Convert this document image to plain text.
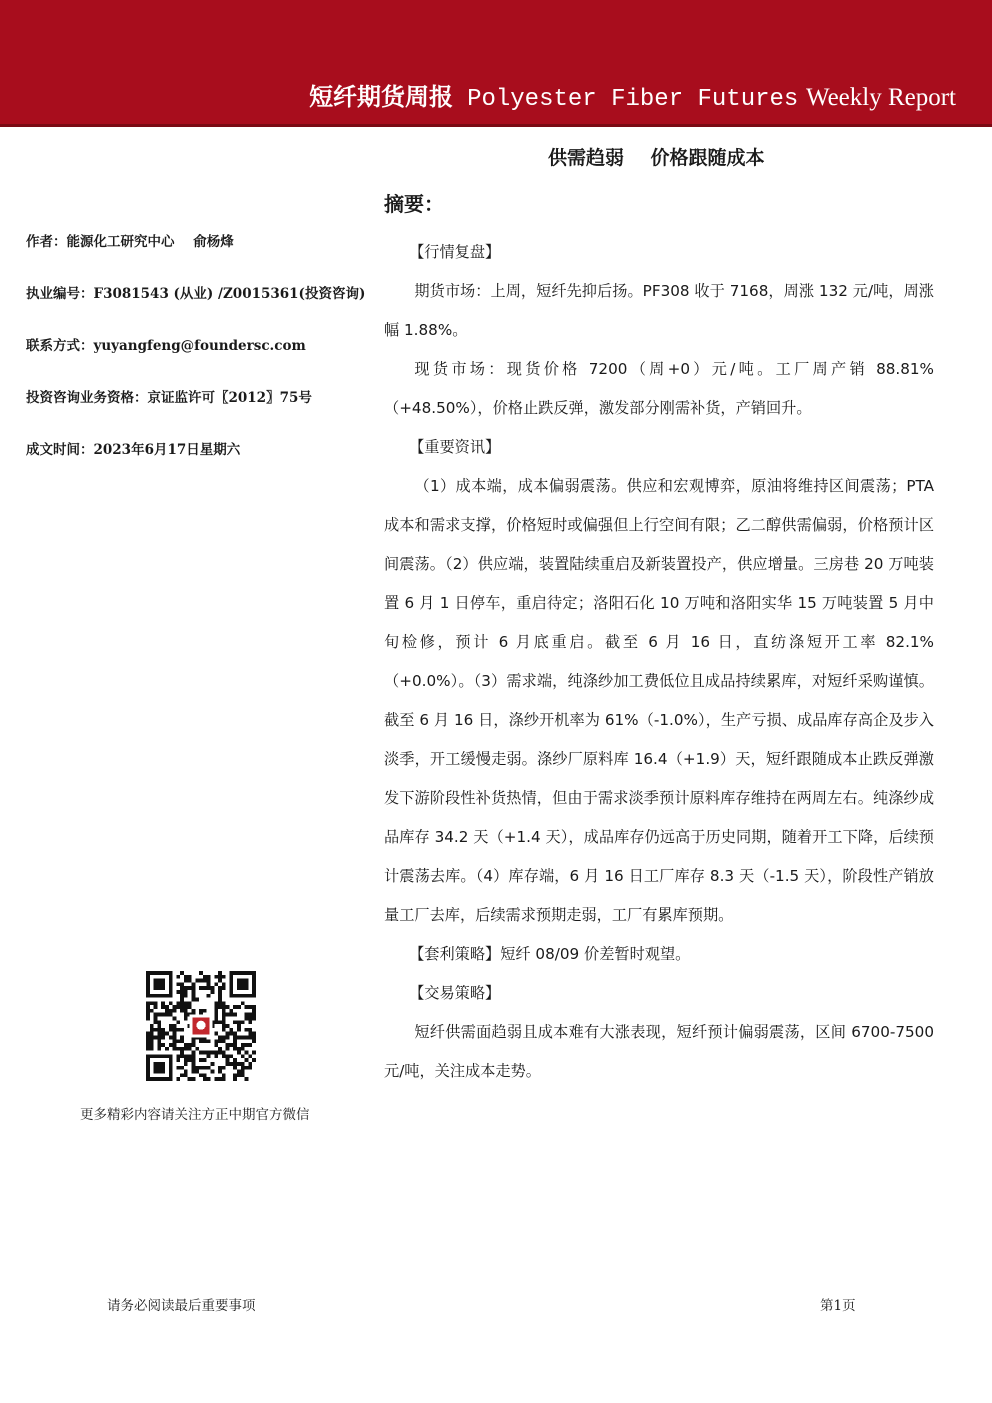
短纤期货周报 Polyester Fiber Futures Weekly Report
供需趋弱    价格跟随成本
摘要：
作者：能源化工研究中心    俞杨烽
执业编号：F3081543 (从业) /Z0015361(投资咨询)
联系方式：yuyangfeng@foundersc.com
投资咨询业务资格：京证监许可〖2012〗75号
成文时间：2023年6月17日星期六

【行情复盘】

期货市场：上周，短纤先抑后扬。PF308 收于 7168，周涨 132 元/吨，周涨幅 1.88%。

现货市场：现货价格 7200（周+0）元/吨。工厂周产销 88.81%（+48.50%），价格止跌反弹，激发部分刚需补货，产销回升。

【重要资讯】

（1）成本端，成本偏弱震荡。供应和宏观博弈，原油将维持区间震荡；PTA 成本和需求支撑，价格短时或偏强但上行空间有限；乙二醇供需偏弱，价格预计区间震荡。（2）供应端，装置陆续重启及新装置投产，供应增量。三房巷 20 万吨装置 6 月 1 日停车，重启待定；洛阳石化 10 万吨和洛阳实华 15 万吨装置 5 月中旬检修，预计 6 月底重启。截至 6 月 16 日，直纺涤短开工率 82.1%（+0.0%）。（3）需求端，纯涤纱加工费低位且成品持续累库，对短纤采购谨慎。截至 6 月 16 日，涤纱开机率为 61%（-1.0%），生产亏损、成品库存高企及步入淡季，开工缓慢走弱。涤纱厂原料库 16.4（+1.9）天，短纤跟随成本止跌反弹激发下游阶段性补货热情，但由于需求淡季预计原料库存维持在两周左右。纯涤纱成品库存 34.2 天（+1.4 天），成品库存仍远高于历史同期，随着开工下降，后续预计震荡去库。（4）库存端，6 月 16 日工厂库存 8.3 天（-1.5 天），阶段性产销放量工厂去库，后续需求预期走弱，工厂有累库预期。

【套利策略】短纤 08/09 价差暂时观望。

【交易策略】

短纤供需面趋弱且成本难有大涨表现，短纤预计偏弱震荡，区间 6700-7500 元/吨，关注成本走势。

更多精彩内容请关注方正中期官方微信
请务必阅读最后重要事项	第1页
